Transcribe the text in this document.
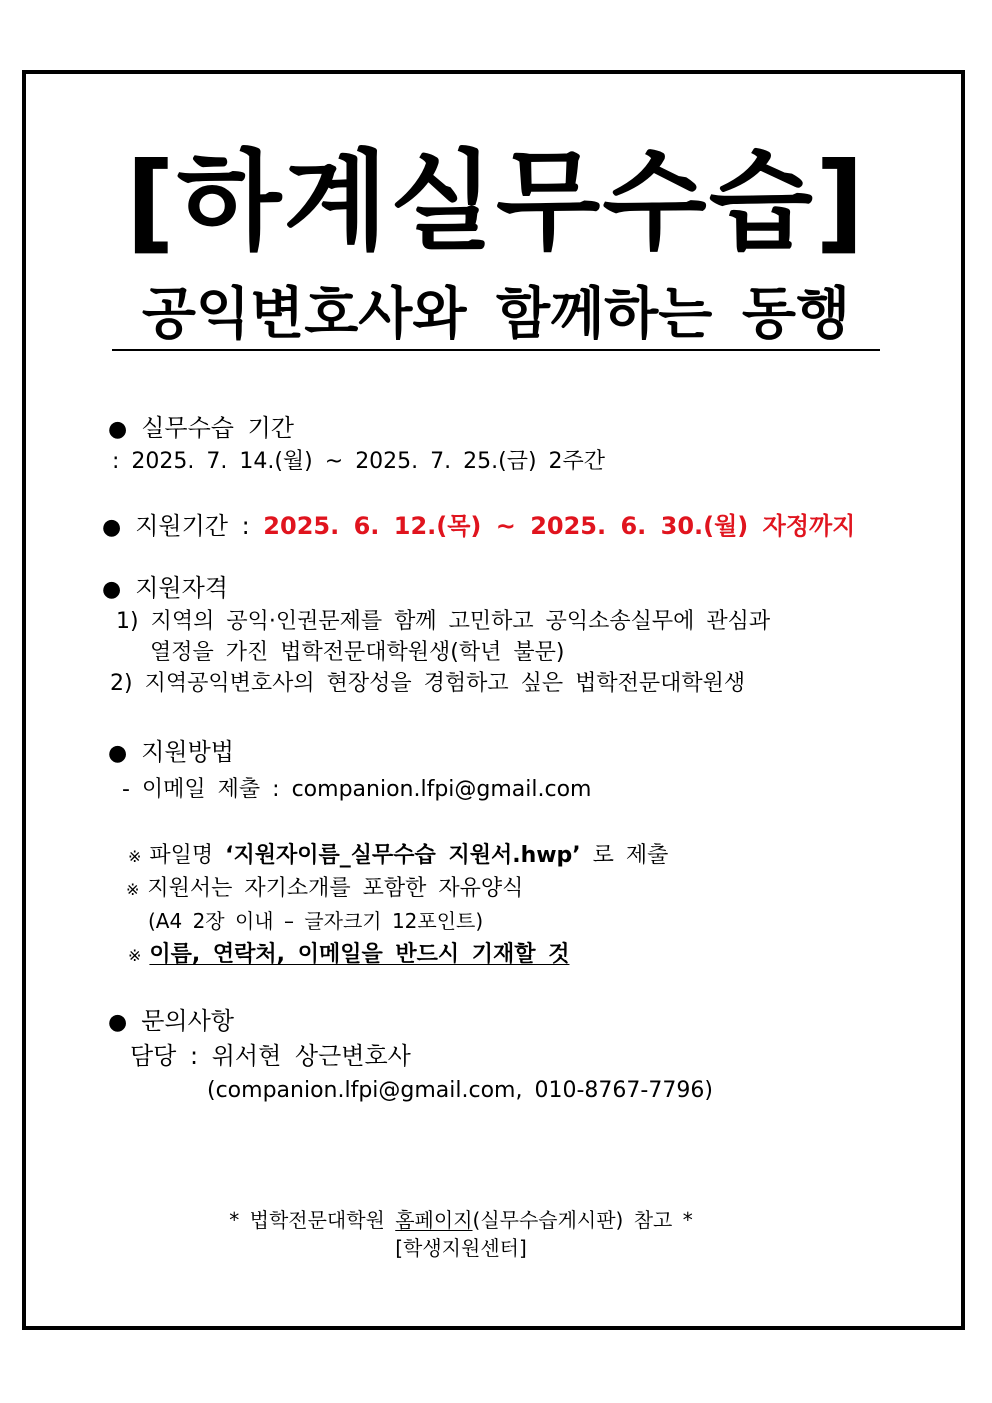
[하계실무수습]
공익변호사와 함께하는 동행
● 실무수습 기간
: 2025. 7. 14.(월) ~ 2025. 7. 25.(금) 2주간
● 지원기간 : 2025. 6. 12.(목) ~ 2025. 6. 30.(월) 자정까지
● 지원자격
1) 지역의 공익·인권문제를 함께 고민하고 공익소송실무에 관심과
열정을 가진 법학전문대학원생(학년 불문)
2) 지역공익변호사의 현장성을 경험하고 싶은 법학전문대학원생
● 지원방법
- 이메일 제출 : companion.lfpi@gmail.com
※ 파일명 ‘지원자이름_실무수습 지원서.hwp’ 로 제출
※ 지원서는 자기소개를 포함한 자유양식
(A4 2장 이내 – 글자크기 12포인트)
※ 이름, 연락처, 이메일을 반드시 기재할 것
● 문의사항
담당 : 위서현 상근변호사
(companion.lfpi@gmail.com, 010-8767-7796)
* 법학전문대학원 홈페이지(실무수습게시판) 참고 *
[학생지원센터]
